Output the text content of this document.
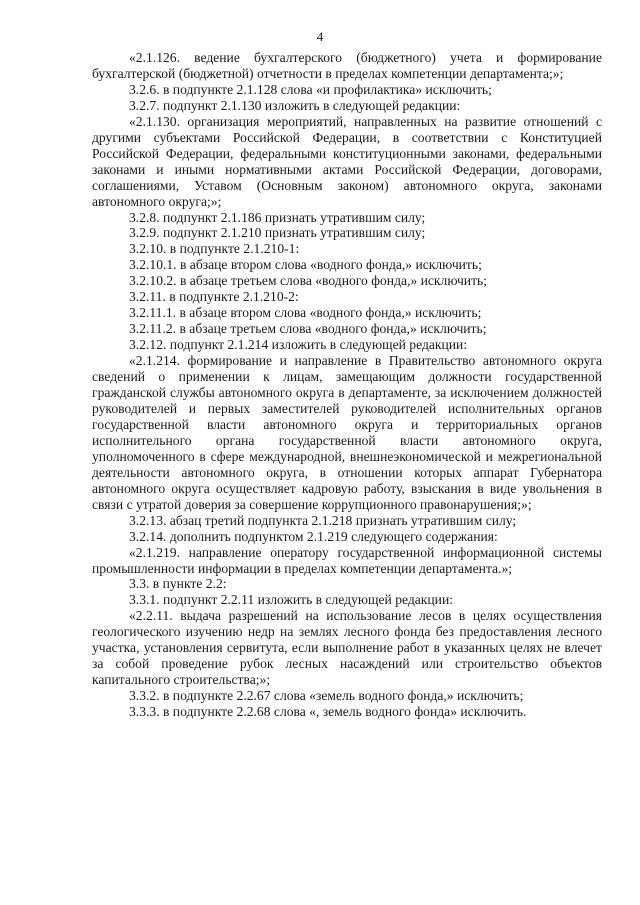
4

«2.1.126. ведение бухгалтерского (бюджетного) учета и формирование бухгалтерской (бюджетной) отчетности в пределах компетенции департамента;»;

3.2.6. в подпункте 2.1.128 слова «и профилактика» исключить;

3.2.7. подпункт 2.1.130 изложить в следующей редакции:

«2.1.130. организация мероприятий, направленных на развитие отношений с другими субъектами Российской Федерации, в соответствии с Конституцией Российской Федерации, федеральными конституционными законами, федеральными законами и иными нормативными актами Российской Федерации, договорами, соглашениями, Уставом (Основным законом) автономного округа, законами автономного округа;»;

3.2.8. подпункт 2.1.186 признать утратившим силу;

3.2.9. подпункт 2.1.210 признать утратившим силу;

3.2.10. в подпункте 2.1.210-1:

3.2.10.1. в абзаце втором слова «водного фонда,» исключить;

3.2.10.2. в абзаце третьем слова «водного фонда,» исключить;

3.2.11. в подпункте 2.1.210-2:

3.2.11.1. в абзаце втором слова «водного фонда,» исключить;

3.2.11.2. в абзаце третьем слова «водного фонда,» исключить;

3.2.12. подпункт 2.1.214 изложить в следующей редакции:

«2.1.214. формирование и направление в Правительство автономного округа сведений о применении к лицам, замещающим должности государственной гражданской службы автономного округа в департаменте, за исключением должностей руководителей и первых заместителей руководителей исполнительных органов государственной власти автономного округа и территориальных органов исполнительного органа государственной власти автономного округа, уполномоченного в сфере международной, внешнеэкономической и межрегиональной деятельности автономного округа, в отношении которых аппарат Губернатора автономного округа осуществляет кадровую работу, взыскания в виде увольнения в связи с утратой доверия за совершение коррупционного правонарушения;»;

3.2.13. абзац третий подпункта 2.1.218 признать утратившим силу;

3.2.14. дополнить подпунктом 2.1.219 следующего содержания:

«2.1.219. направление оператору государственной информационной системы промышленности информации в пределах компетенции департамента.»;

3.3. в пункте 2.2:

3.3.1. подпункт 2.2.11 изложить в следующей редакции:

«2.2.11. выдача разрешений на использование лесов в целях осуществления геологического изучению недр на землях лесного фонда без предоставления лесного участка, установления сервитута, если выполнение работ в указанных целях не влечет за собой проведение рубок лесных насаждений или строительство объектов капитального строительства;»;

3.3.2. в подпункте 2.2.67 слова «земель водного фонда,» исключить;

3.3.3. в подпункте 2.2.68 слова «, земель водного фонда» исключить.
